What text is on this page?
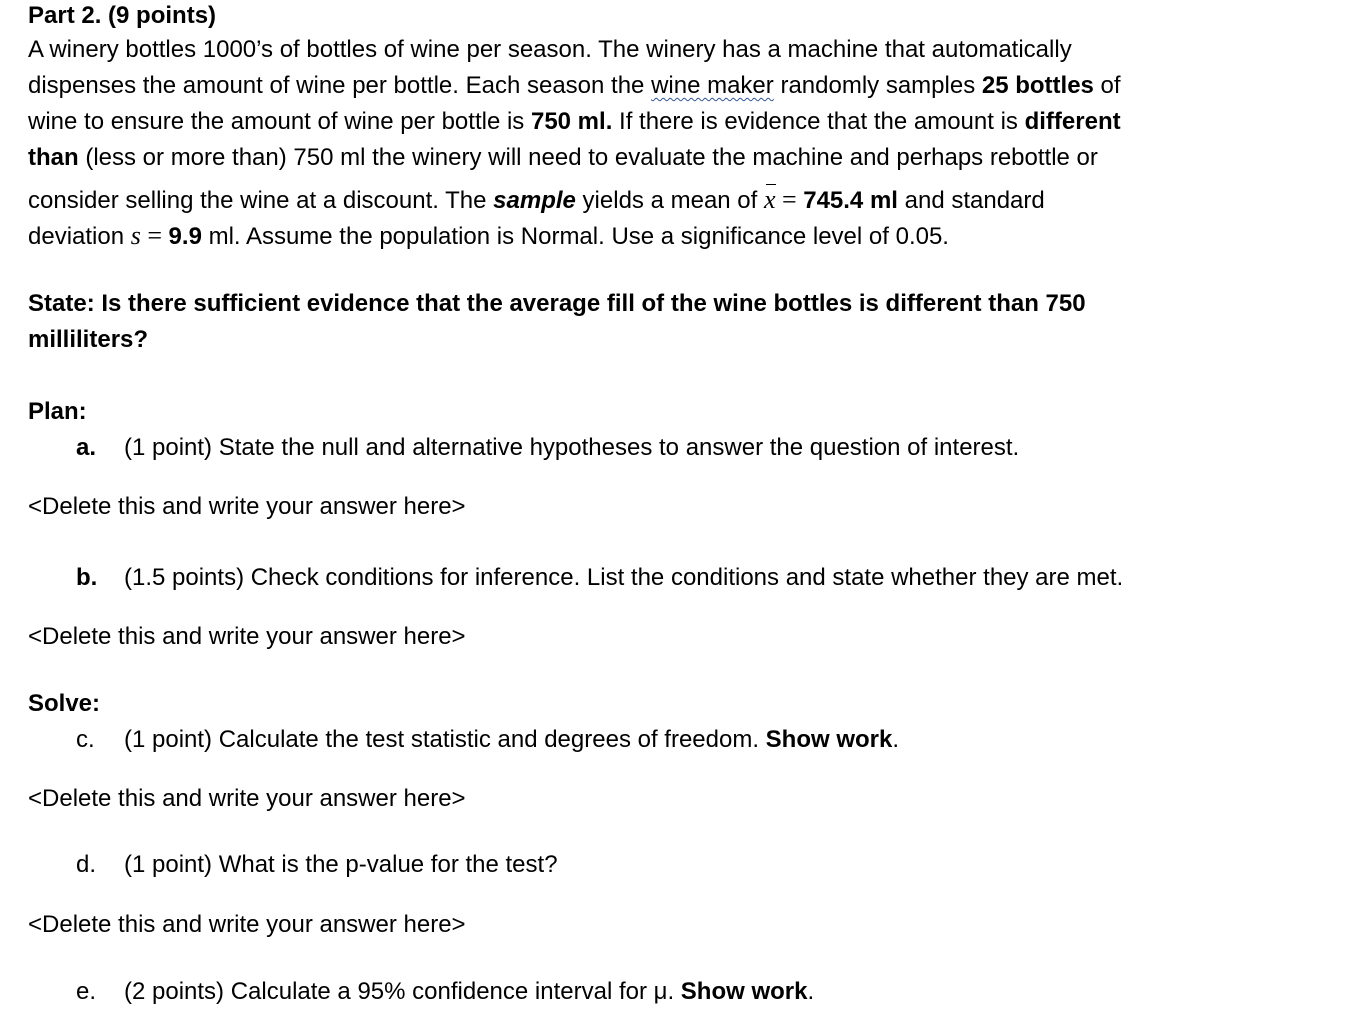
Part 2. (9 points)
A winery bottles 1000’s of bottles of wine per season. The winery has a machine that automatically
dispenses the amount of wine per bottle. Each season the wine maker randomly samples 25 bottles of
wine to ensure the amount of wine per bottle is 750 ml. If there is evidence that the amount is different
than (less or more than) 750 ml the winery will need to evaluate the machine and perhaps rebottle or
consider selling the wine at a discount. The sample yields a mean of x = 745.4 ml and standard
deviation s = 9.9 ml. Assume the population is Normal. Use a significance level of 0.05.
State: Is there sufficient evidence that the average fill of the wine bottles is different than 750
milliliters?
Plan:
a. (1 point) State the null and alternative hypotheses to answer the question of interest.
<Delete this and write your answer here>
b. (1.5 points) Check conditions for inference. List the conditions and state whether they are met.
<Delete this and write your answer here>
Solve:
c. (1 point) Calculate the test statistic and degrees of freedom. Show work.
<Delete this and write your answer here>
d. (1 point) What is the p-value for the test?
<Delete this and write your answer here>
e. (2 points) Calculate a 95% confidence interval for μ. Show work.
